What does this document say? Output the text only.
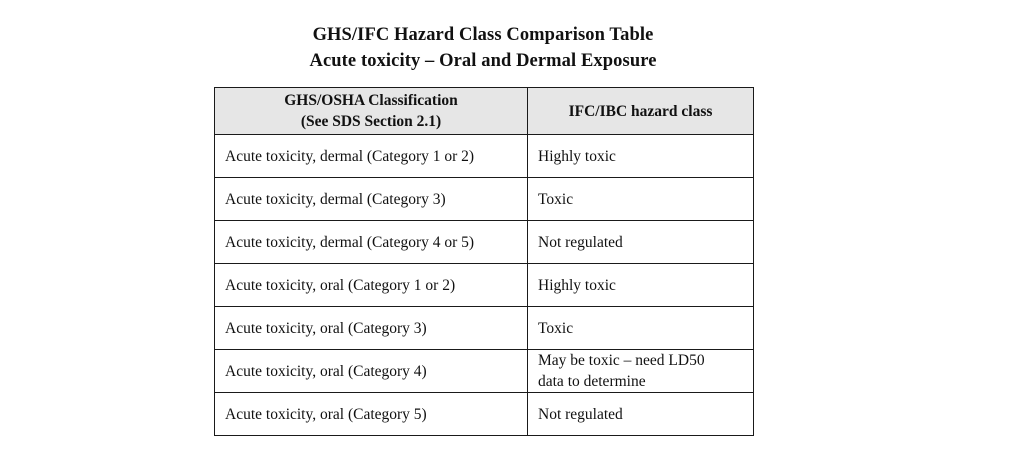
GHS/IFC Hazard Class Comparison Table
Acute toxicity – Oral and Dermal Exposure
GHS/OSHA Classification
(See SDS Section 2.1)	IFC/IBC hazard class

Acute toxicity, dermal (Category 1 or 2)	Highly toxic
Acute toxicity, dermal (Category 3)	Toxic
Acute toxicity, dermal (Category 4 or 5)	Not regulated
Acute toxicity, oral (Category 1 or 2)	Highly toxic
Acute toxicity, oral (Category 3)	Toxic
Acute toxicity, oral (Category 4)	May be toxic – need LD50 data to determine
Acute toxicity, oral (Category 5)	Not regulated
